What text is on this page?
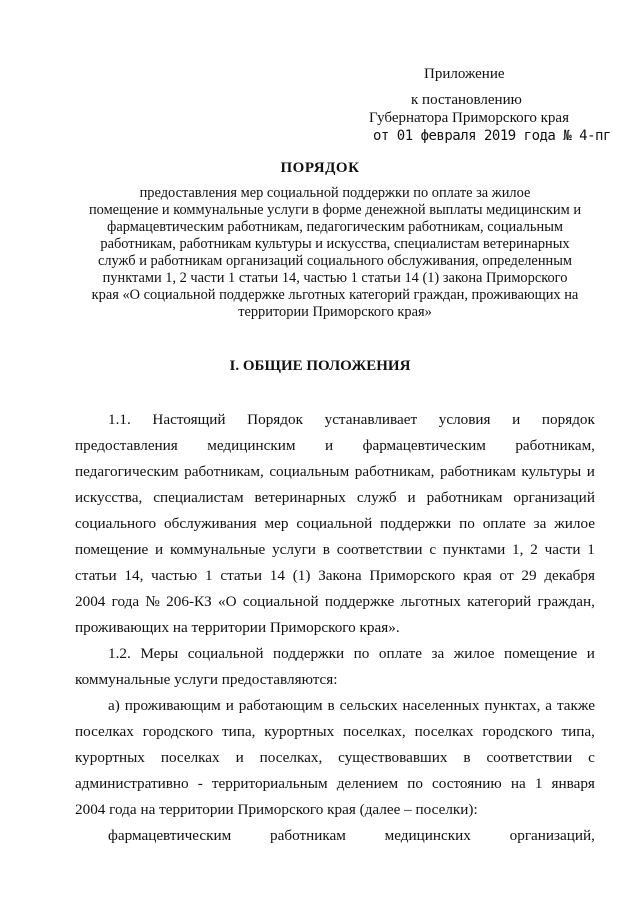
Приложение
к постановлению
Губернатора Приморского края
от 01 февраля 2019 года № 4-пг
ПОРЯДОК
предоставления мер социальной поддержки по оплате за жилое
помещение и коммунальные услуги в форме денежной выплаты медицинским и
фармацевтическим работникам, педагогическим работникам, социальным
работникам, работникам культуры и искусства, специалистам ветеринарных
служб и работникам организаций социального обслуживания, определенным
пунктами 1, 2 части 1 статьи 14, частью 1 статьи 14 (1) закона Приморского
края «О социальной поддержке льготных категорий граждан, проживающих на
территории Приморского края»
I. ОБЩИЕ ПОЛОЖЕНИЯ
1.1. Настоящий Порядок устанавливает условия и порядок
предоставления медицинским и фармацевтическим работникам,
педагогическим работникам, социальным работникам, работникам культуры и
искусства, специалистам ветеринарных служб и работникам организаций
социального обслуживания мер социальной поддержки по оплате за жилое
помещение и коммунальные услуги в соответствии с пунктами 1, 2 части 1
статьи 14, частью 1 статьи 14 (1) Закона Приморского края от 29 декабря
2004 года № 206-КЗ «О социальной поддержке льготных категорий граждан,
проживающих на территории Приморского края».
1.2. Меры социальной поддержки по оплате за жилое помещение и
коммунальные услуги предоставляются:
а) проживающим и работающим в сельских населенных пунктах, а также
поселках городского типа, курортных поселках, поселках городского типа,
курортных поселках и поселках, существовавших в соответствии с
административно - территориальным делением по состоянию на 1 января
2004 года на территории Приморского края (далее – поселки):
фармацевтическим	работникам	медицинских	организаций,
